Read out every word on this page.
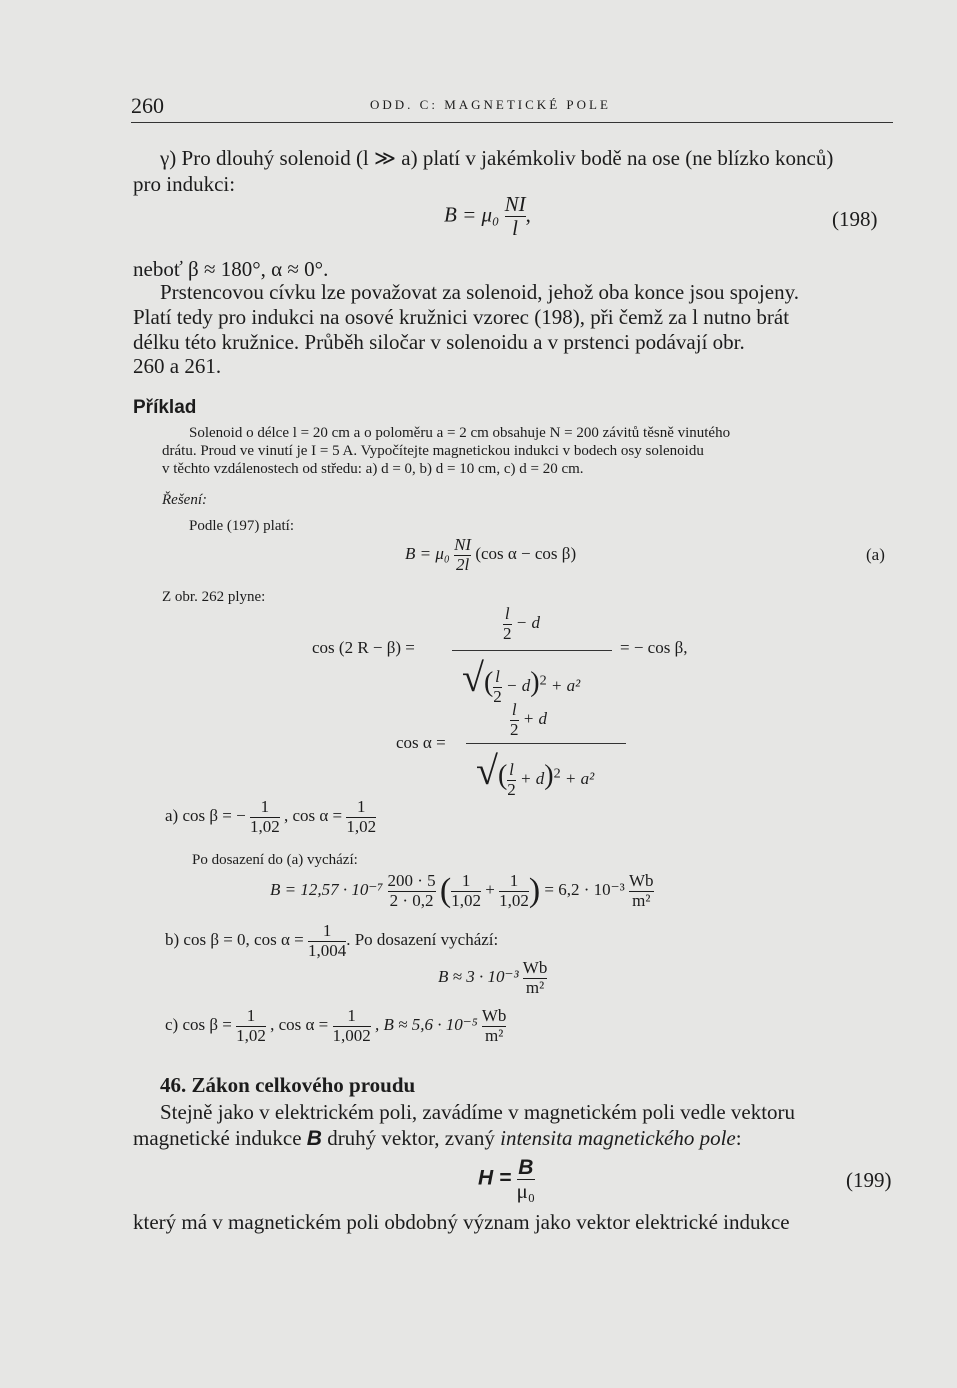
260	ODD. C: MAGNETICKÉ POLE
γ) Pro dlouhý solenoid (l ≫ a) platí v jakémkoliv bodě na ose (ne blízko konců)
pro indukci:
$B = \mu_0 \frac{NI}{l}$ ,	(198)
neboť β ≈ 180°, α ≈ 0°.
Prstencovou cívku lze považovat za solenoid, jehož oba konce jsou spojeny.
Platí tedy pro indukci na osové kružnici vzorec (198), při čemž za l nutno brát
délku této kružnice. Průběh siločar v solenoidu a v prstenci podávají obr.
260 a 261.
Příklad
Solenoid o délce l = 20 cm a o poloměru a = 2 cm obsahuje N = 200 závitů těsně vinutého
drátu. Proud ve vinutí je I = 5 A. Vypočítejte magnetickou indukci v bodech osy solenoidu
v těchto vzdálenostech od středu: a) d = 0, b) d = 10 cm, c) d = 20 cm.
Řešení:
Podle (197) platí:
$B = \mu_0 \frac{NI}{2l} (\cos$ α − cos β)	(a)
Z obr. 262 plyne:
cos (2 R − β) =
$\frac{l}{2} - d$
√( $\frac{l}{2} - d)^2 + a^2$
= − cos β,
cos α =
$\frac{l}{2} + d$
√( $\frac{l}{2} + d)^2 + a^2$
a) cos β = − $\frac{1}{1,02}$ , $\cos \alpha = \frac{1}{1,02}$
Po dosazení do (a) vychází:
$B = 12,57 \cdot 10^{-7} \frac{200 \cdot 5}{2 \cdot 0,2}$ ( $\frac{1}{1,02} + \frac{1}{1,02}$ ) = $6,2 \cdot 10^{-3} \frac{Wb}{\text{m²}}$
b) cos β = 0, $\cos \alpha = \frac{1}{1,004}$ . Po dosazení vychází:
$B \approx 3 \cdot 10^{-3} \frac{Wb}{\text{m²}}$
c) $\cos \beta = \frac{1}{1,02}$ , $\cos \alpha = \frac{1}{1,002}$ , $B \approx 5,6 \cdot 10^{-5} \frac{Wb}{\text{m²}}$
46. Zákon celkového proudu
Stejně jako v elektrickém poli, zavádíme v magnetickém poli vedle vektoru
magnetické indukce B druhý vektor, zvaný intensita magnetického pole:
$H = \frac{B}{\text{μ₀}}$	(199)
který má v magnetickém poli obdobný význam jako vektor elektrické indukce
